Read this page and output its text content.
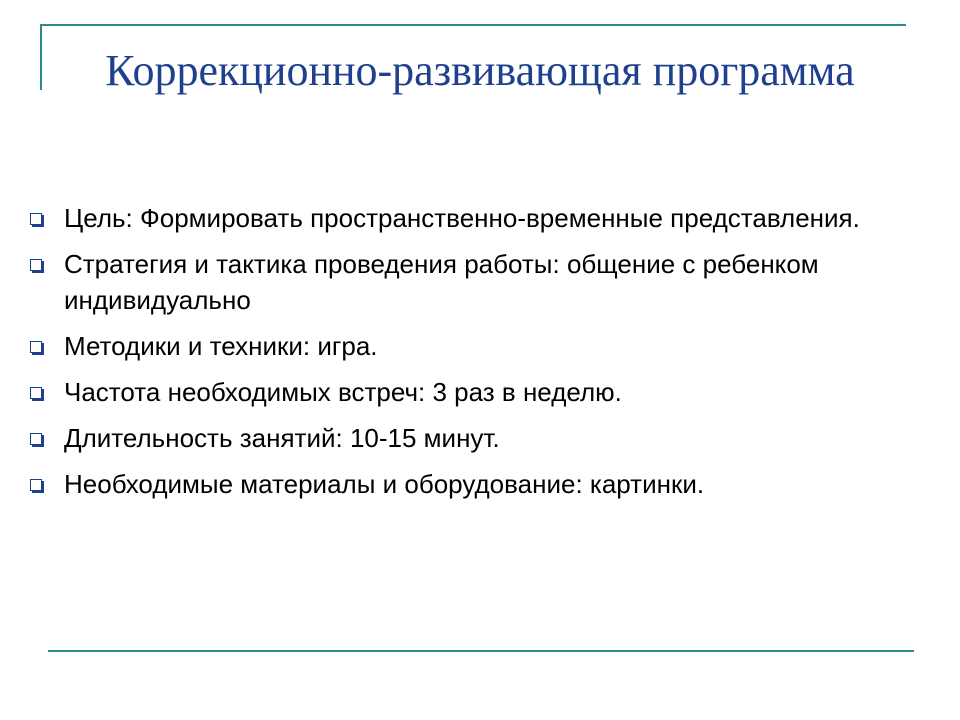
Коррекционно-развивающая программа
Цель: Формировать пространственно-временные представления.
Стратегия и тактика проведения работы: общение с ребенком индивидуально
Методики и техники: игра.
Частота необходимых встреч: 3 раз в неделю.
Длительность занятий: 10-15 минут.
Необходимые материалы и оборудование: картинки.
